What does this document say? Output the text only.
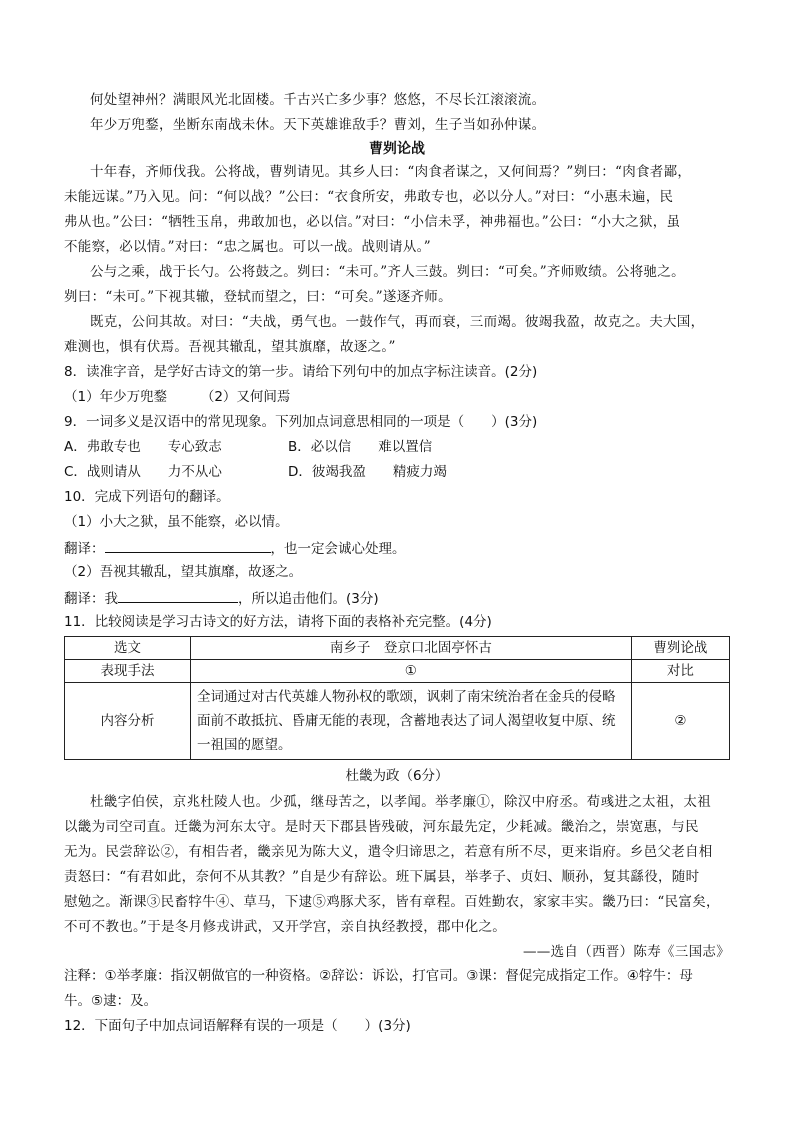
何处望神州？满眼风光北固楼。千古兴亡多少事？悠悠，不尽长江滚滚流。
年少万兜鍪，坐断东南战未休。天下英雄谁敌手？曹刘，生子当如孙仲谋。
曹刿论战
十年春，齐师伐我。公将战，曹刿请见。其乡人曰：“肉食者谋之，又何间焉？”刿曰：“肉食者鄙，
未能远谋。”乃入见。问：“何以战？”公曰：“衣食所安，弗敢专也，必以分人。”对曰：“小惠未遍，民
弗从也。”公曰：“牺牲玉帛，弗敢加也，必以信。”对曰：“小信未孚，神弗福也。”公曰：“小大之狱，虽
不能察，必以情。”对曰：“忠之属也。可以一战。战则请从。”
公与之乘，战于长勺。公将鼓之。刿曰：“未可。”齐人三鼓。刿曰：“可矣。”齐师败绩。公将驰之。
刿曰：“未可。”下视其辙，登轼而望之，曰：“可矣。”遂逐齐师。
既克，公问其故。对曰：“夫战，勇气也。一鼓作气，再而衰，三而竭。彼竭我盈，故克之。夫大国，
难测也，惧有伏焉。吾视其辙乱，望其旗靡，故逐之。”
8．读准字音，是学好古诗文的第一步。请给下列句中的加点字标注读音。(2分)
（1）年少万兜鍪　　　（2）又何间焉
9．一词多义是汉语中的常见现象。下列加点词意思相同的一项是（　　）(3分)
A．弗敢专也　　专心致志	B．必以信　　难以置信
C．战则请从　　力不从心	D．彼竭我盈　　精疲力竭
10．完成下列语句的翻译。
（1）小大之狱，虽不能察，必以情。
翻译：	，也一定会诚心处理。
（2）吾视其辙乱，望其旗靡，故逐之。
翻译：我	，所以追击他们。(3分)
11．比较阅读是学习古诗文的好方法，请将下面的表格补充完整。(4分)
选文	南乡子　登京口北固亭怀古	曹刿论战
表现手法	①	对比
内容分析	全词通过对古代英雄人物孙权的歌颂，讽刺了南宋统治者在金兵的侵略面前不敢抵抗、昏庸无能的表现，含蓄地表达了词人渴望收复中原、统一祖国的愿望。	②
杜畿为政（6分）
杜畿字伯侯，京兆杜陵人也。少孤，继母苦之，以孝闻。举孝廉①，除汉中府丞。荀彧进之太祖，太祖
以畿为司空司直。迁畿为河东太守。是时天下郡县皆残破，河东最先定，少耗减。畿治之，崇宽惠，与民
无为。民尝辞讼②，有相告者，畿亲见为陈大义，遣令归谛思之，若意有所不尽，更来诣府。乡邑父老自相
责怒曰：“有君如此，奈何不从其教？”自是少有辞讼。班下属县，举孝子、贞妇、顺孙，复其繇役，随时
慰勉之。渐课③民畜牸牛④、草马，下逮⑤鸡豚犬豕，皆有章程。百姓勤农，家家丰实。畿乃曰：“民富矣，
不可不教也。”于是冬月修戎讲武，又开学宫，亲自执经教授，郡中化之。
——选自（西晋）陈寿《三国志》
注释：①举孝廉：指汉朝做官的一种资格。②辞讼：诉讼，打官司。③课：督促完成指定工作。④牸牛：母
牛。⑤逮：及。
12．下面句子中加点词语解释有误的一项是（　　）(3分)
